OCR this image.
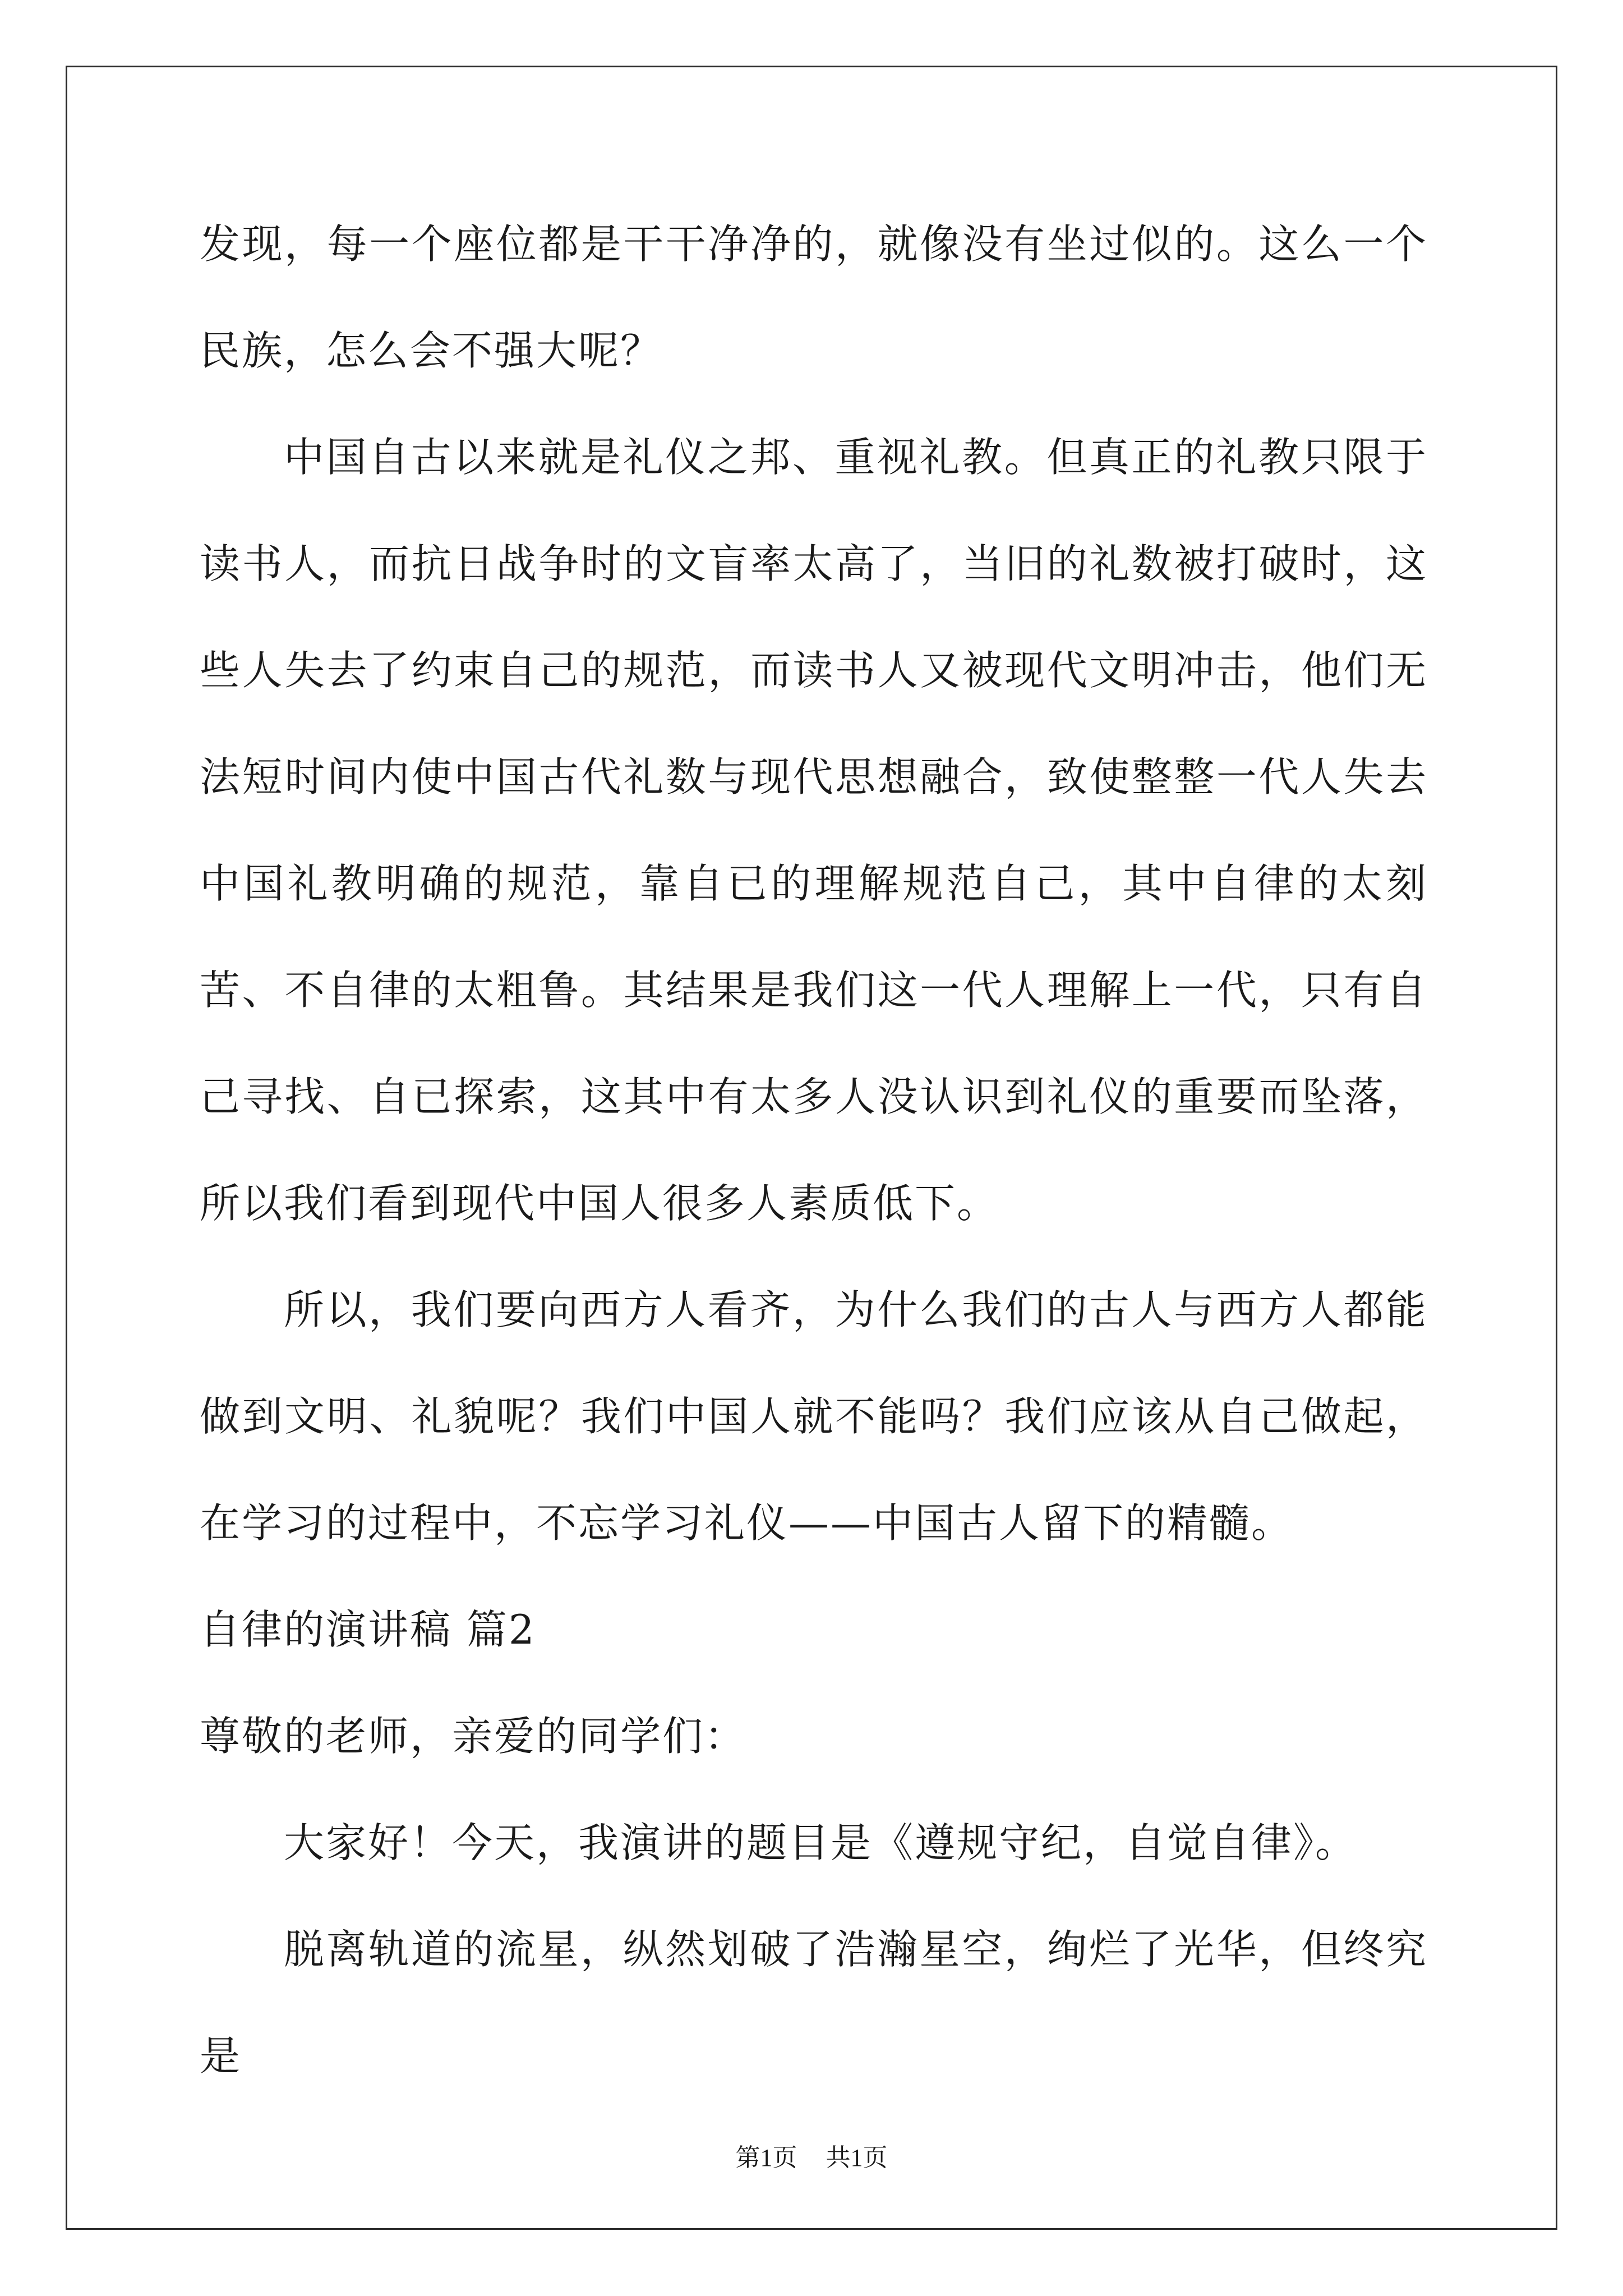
发现，每一个座位都是干干净净的，就像没有坐过似的。这么一个民族，怎么会不强大呢？

中国自古以来就是礼仪之邦、重视礼教。但真正的礼教只限于读书人，而抗日战争时的文盲率太高了，当旧的礼数被打破时，这些人失去了约束自己的规范，而读书人又被现代文明冲击，他们无法短时间内使中国古代礼数与现代思想融合，致使整整一代人失去中国礼教明确的规范，靠自已的理解规范自己，其中自律的太刻苦、不自律的太粗鲁。其结果是我们这一代人理解上一代，只有自己寻找、自已探索，这其中有太多人没认识到礼仪的重要而坠落，所以我们看到现代中国人很多人素质低下。

所以，我们要向西方人看齐，为什么我们的古人与西方人都能做到文明、礼貌呢？我们中国人就不能吗？我们应该从自己做起，在学习的过程中，不忘学习礼仪——中国古人留下的精髓。

自律的演讲稿 篇2

尊敬的老师，亲爱的同学们：

大家好！今天，我演讲的题目是《遵规守纪，自觉自律》。

脱离轨道的流星，纵然划破了浩瀚星空，绚烂了光华，但终究是

第1页 共1页
